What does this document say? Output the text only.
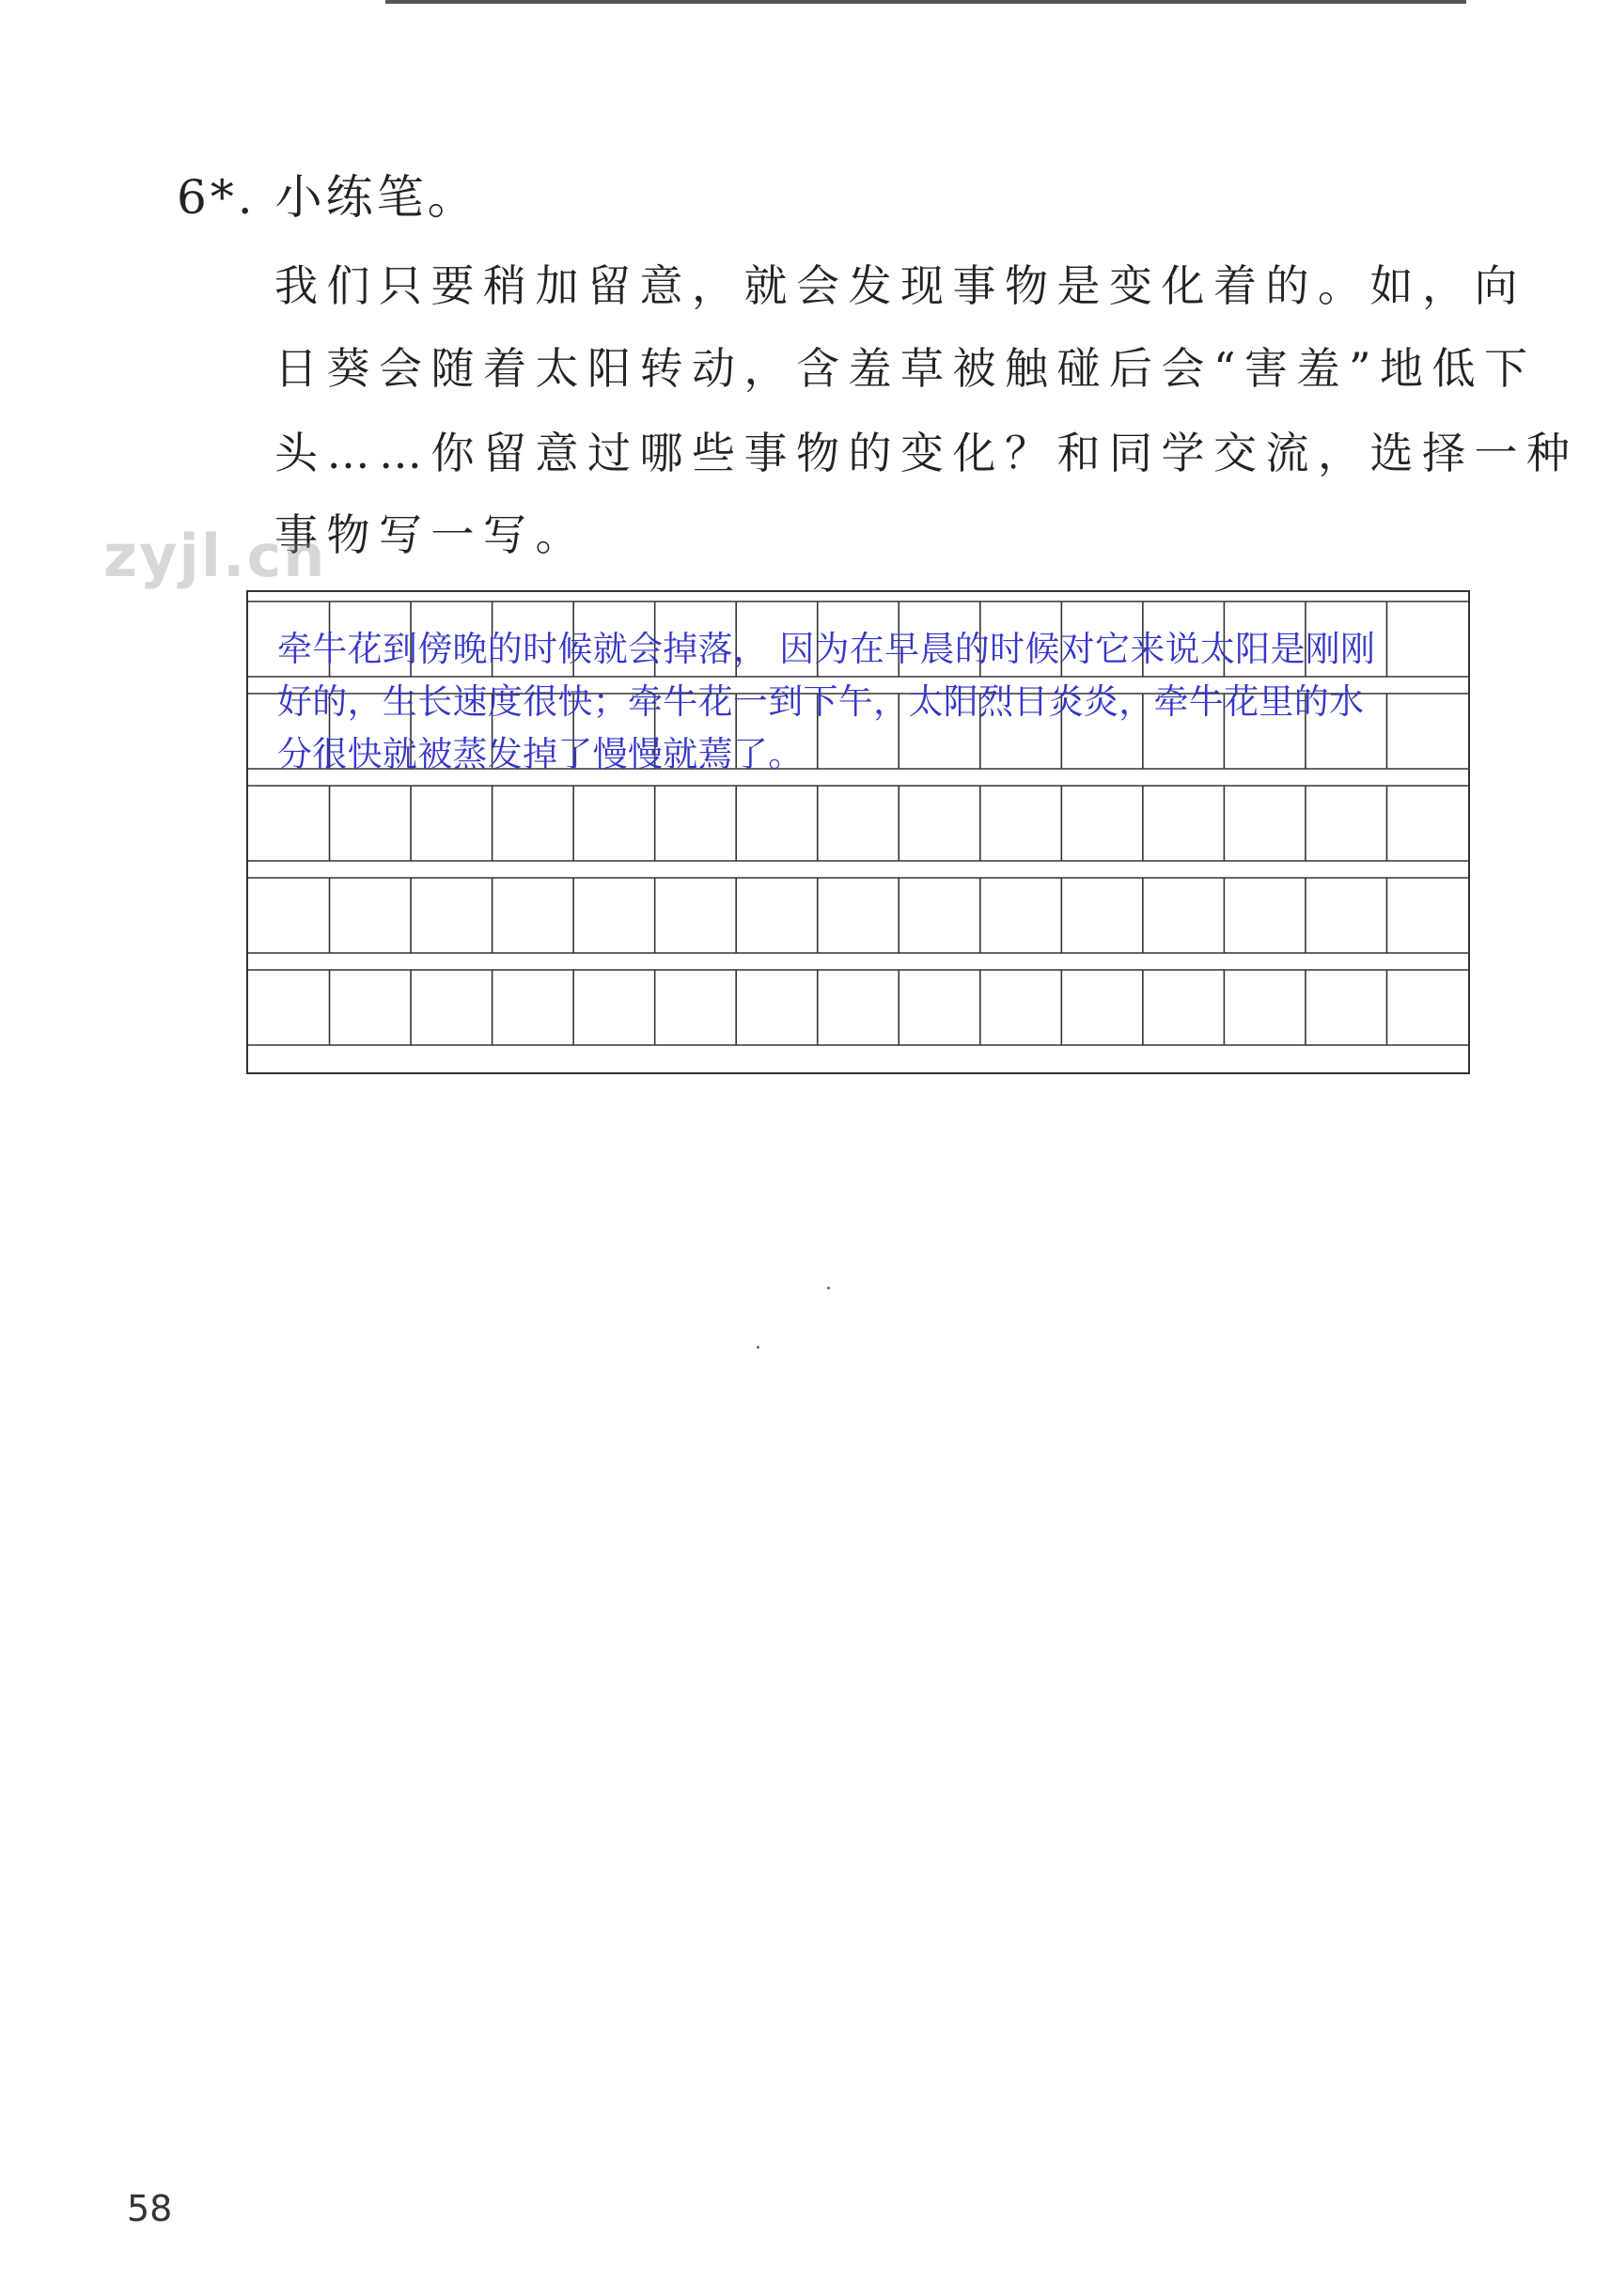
6*. 小练笔。
我们只要稍加留意，就会发现事物是变化着的。如，向
日葵会随着太阳转动，含羞草被触碰后会“害羞”地低下
头……你留意过哪些事物的变化？和同学交流，选择一种
事物写一写。
zyjl.cn
牵牛花到傍晚的时候就会掉落， 因为在早晨的时候对它来说太阳是刚刚
好的，生长速度很快；牵牛花一到下午，太阳烈日炎炎，牵牛花里的水
分很快就被蒸发掉了慢慢就蔫了。
58
